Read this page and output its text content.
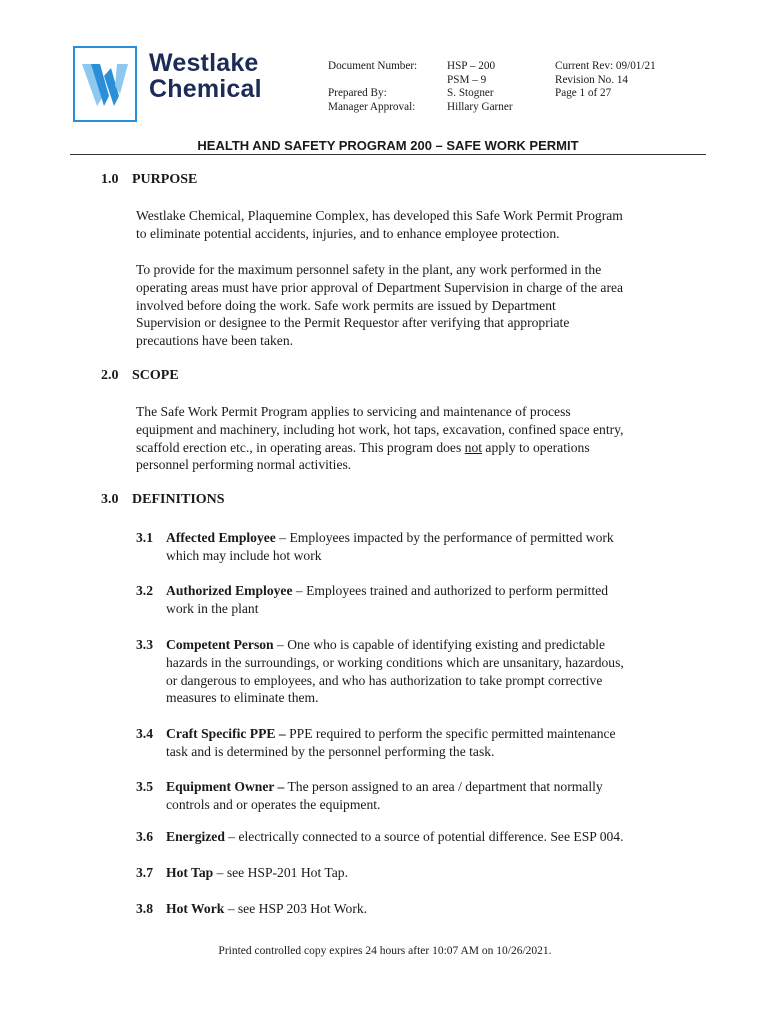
Westlake
Chemical
Document Number:
Prepared By:
Manager Approval:
HSP – 200
PSM – 9
S. Stogner
Hillary Garner
Current Rev: 09/01/21
Revision No. 14
Page 1 of 27
HEALTH AND SAFETY PROGRAM 200 – SAFE WORK PERMIT
1.0 PURPOSE
Westlake Chemical, Plaquemine Complex, has developed this Safe Work Permit Program
to eliminate potential accidents, injuries, and to enhance employee protection.
To provide for the maximum personnel safety in the plant, any work performed in the
operating areas must have prior approval of Department Supervision in charge of the area
involved before doing the work. Safe work permits are issued by Department
Supervision or designee to the Permit Requestor after verifying that appropriate
precautions have been taken.
2.0 SCOPE
The Safe Work Permit Program applies to servicing and maintenance of process
equipment and machinery, including hot work, hot taps, excavation, confined space entry,
scaffold erection etc., in operating areas. This program does not apply to operations
personnel performing normal activities.
3.0 DEFINITIONS
3.1 Affected Employee – Employees impacted by the performance of permitted work
which may include hot work
3.2 Authorized Employee – Employees trained and authorized to perform permitted
work in the plant
3.3 Competent Person – One who is capable of identifying existing and predictable
hazards in the surroundings, or working conditions which are unsanitary, hazardous,
or dangerous to employees, and who has authorization to take prompt corrective
measures to eliminate them.
3.4 Craft Specific PPE – PPE required to perform the specific permitted maintenance
task and is determined by the personnel performing the task.
3.5 Equipment Owner – The person assigned to an area / department that normally
controls and or operates the equipment.
3.6 Energized – electrically connected to a source of potential difference. See ESP 004.
3.7 Hot Tap – see HSP-201 Hot Tap.
3.8 Hot Work – see HSP 203 Hot Work.
Printed controlled copy expires 24 hours after 10:07 AM on 10/26/2021.
